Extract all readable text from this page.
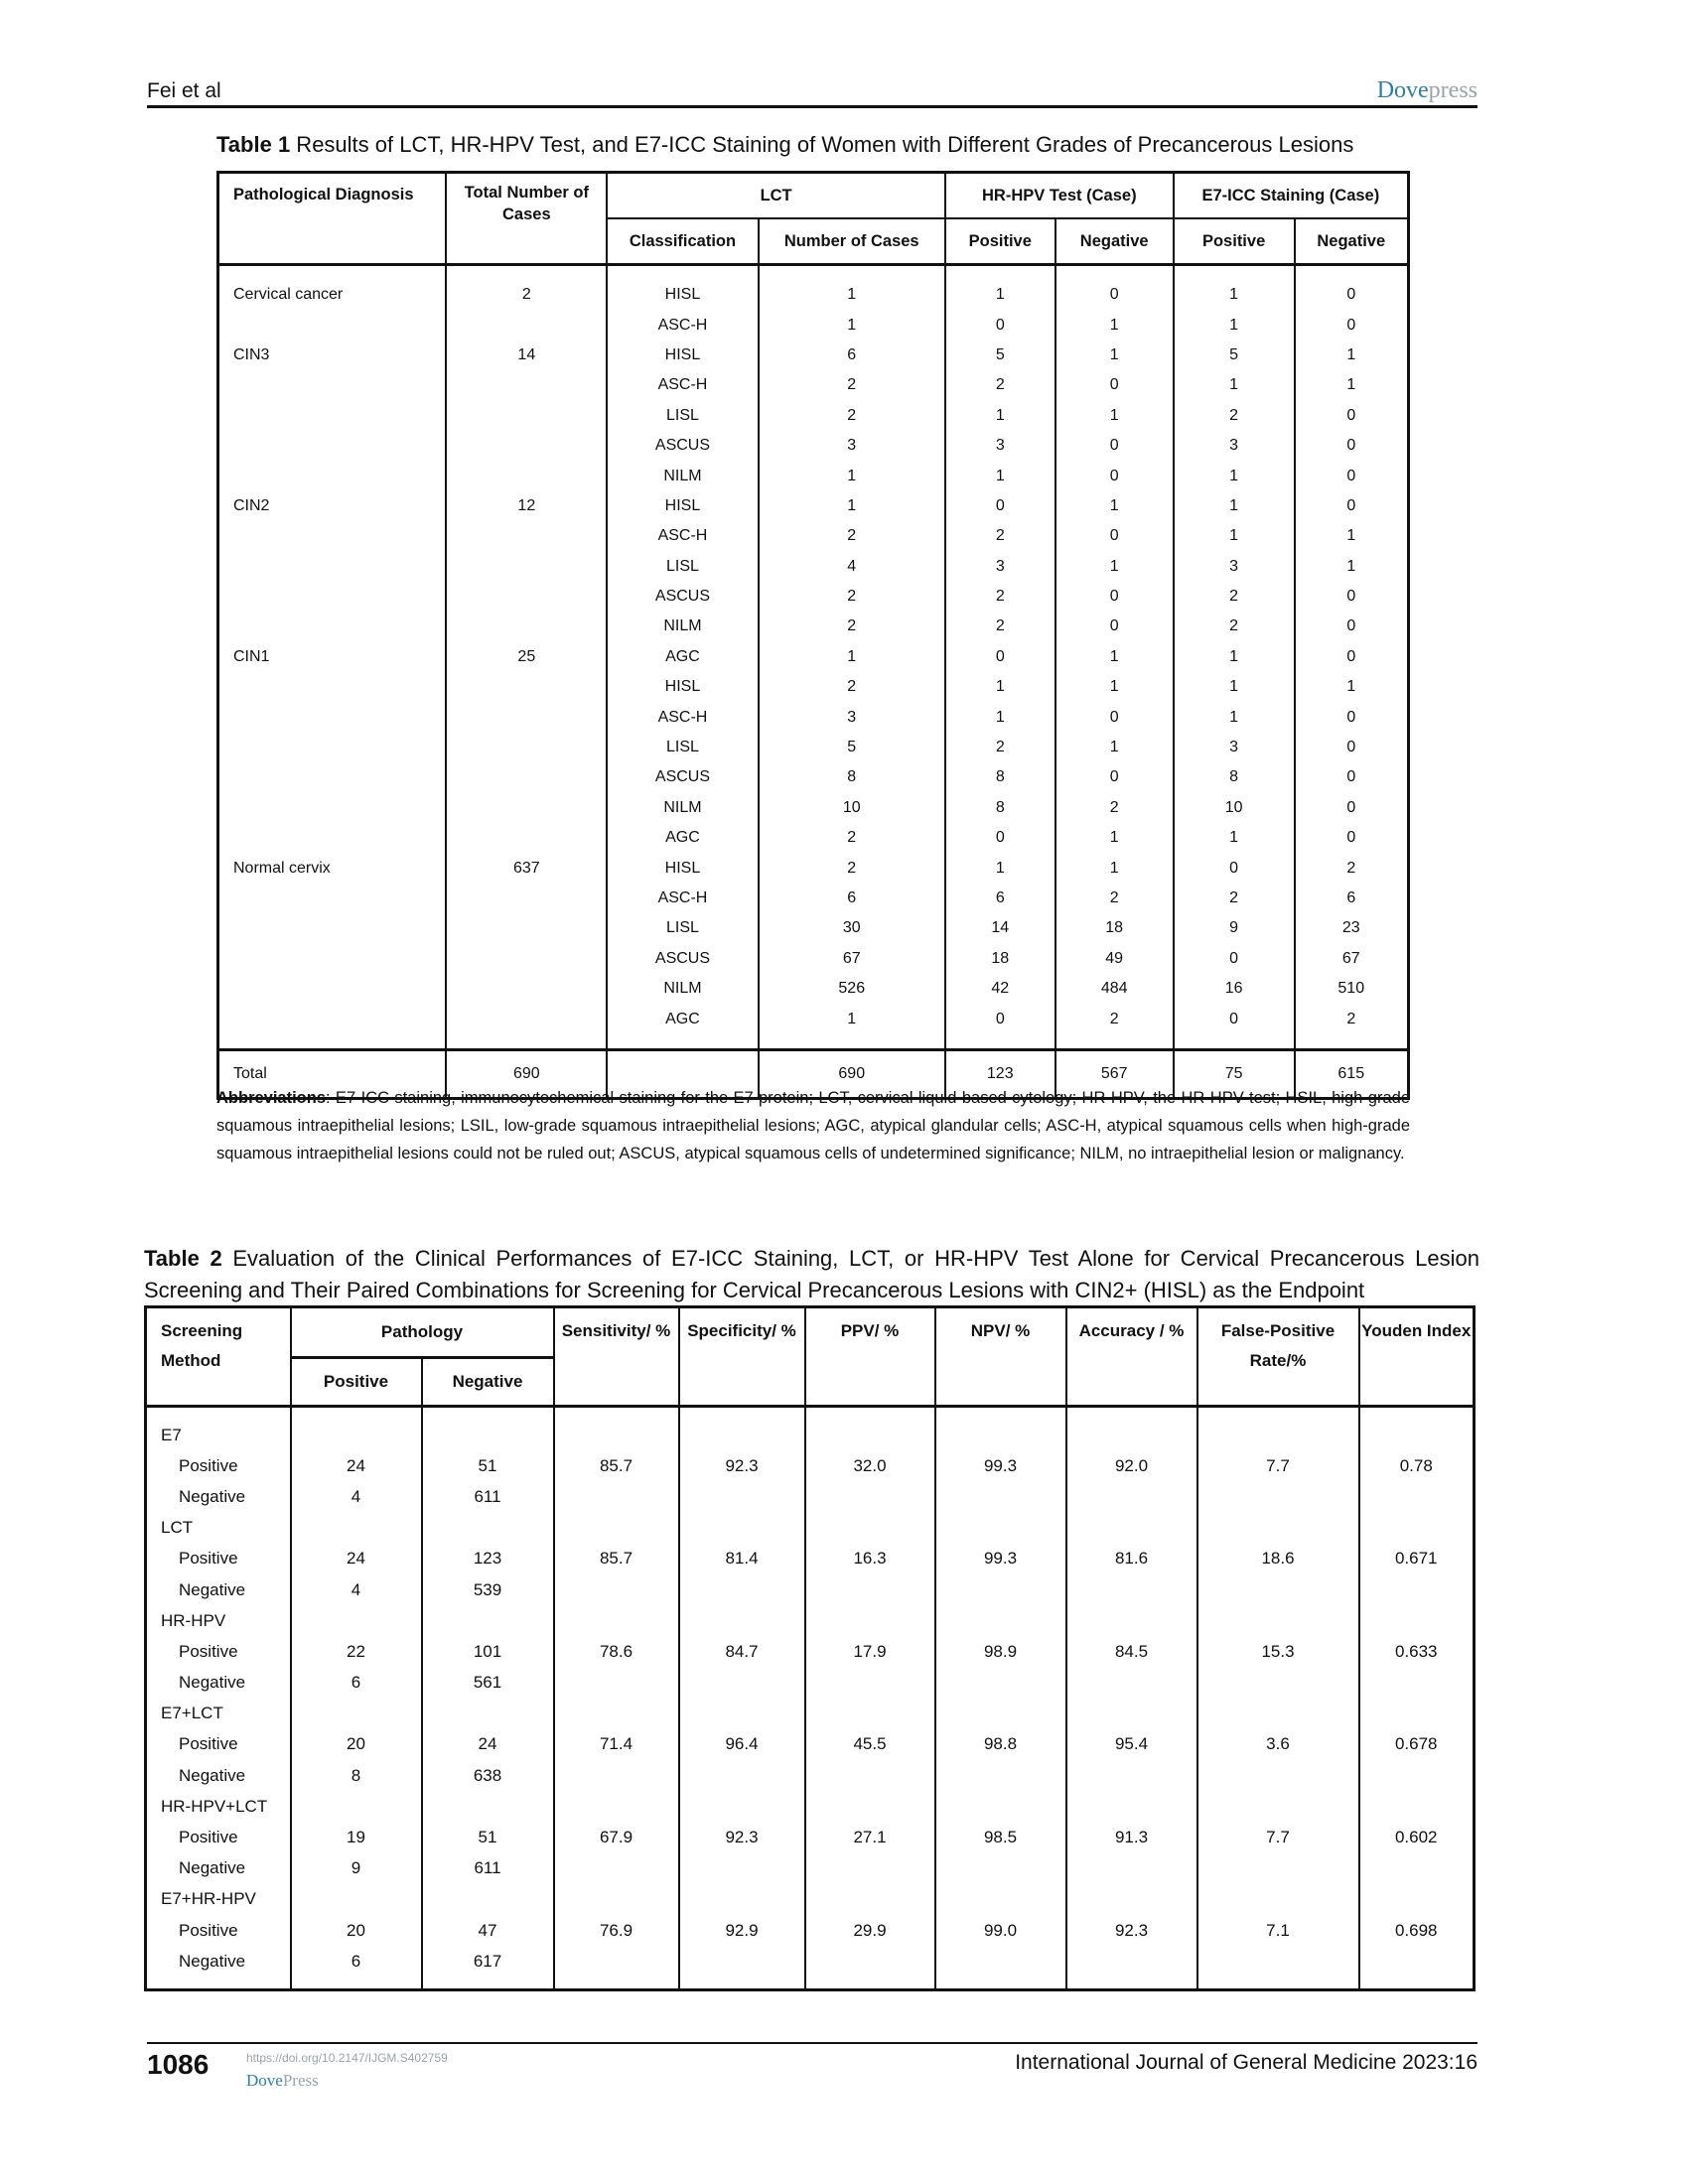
Fei et al	Dovepress
Table 1 Results of LCT, HR-HPV Test, and E7-ICC Staining of Women with Different Grades of Precancerous Lesions
Pathological Diagnosis	Total Number of Cases	LCT		HR-HPV Test (Case)		E7-ICC Staining (Case)	
		Classification	Number of Cases	Positive	Negative	Positive	Negative
Cervical cancer	2	HISL	1	1	0	1	0
		ASC-H	1	0	1	1	0
CIN3	14	HISL	6	5	1	5	1
		ASC-H	2	2	0	1	1
		LISL	2	1	1	2	0
		ASCUS	3	3	0	3	0
		NILM	1	1	0	1	0
CIN2	12	HISL	1	0	1	1	0
		ASC-H	2	2	0	1	1
		LISL	4	3	1	3	1
		ASCUS	2	2	0	2	0
		NILM	2	2	0	2	0
CIN1	25	AGC	1	0	1	1	0
		HISL	2	1	1	1	1
		ASC-H	3	1	0	1	0
		LISL	5	2	1	3	0
		ASCUS	8	8	0	8	0
		NILM	10	8	2	10	0
		AGC	2	0	1	1	0
Normal cervix	637	HISL	2	1	1	0	2
		ASC-H	6	6	2	2	6
		LISL	30	14	18	9	23
		ASCUS	67	18	49	0	67
		NILM	526	42	484	16	510
		AGC	1	0	2	0	2
Total	690		690	123	567	75	615
Abbreviations: E7-ICC staining, immunocytochemical staining for the E7 protein; LCT, cervical liquid-based cytology; HR-HPV, the HR-HPV test; HSIL, high-grade squamous intraepithelial lesions; LSIL, low-grade squamous intraepithelial lesions; AGC, atypical glandular cells; ASC-H, atypical squamous cells when high-grade squamous intraepithelial lesions could not be ruled out; ASCUS, atypical squamous cells of undetermined significance; NILM, no intraepithelial lesion or malignancy.
Table 2 Evaluation of the Clinical Performances of E7-ICC Staining, LCT, or HR-HPV Test Alone for Cervical Precancerous Lesion Screening and Their Paired Combinations for Screening for Cervical Precancerous Lesions with CIN2+ (HISL) as the Endpoint
Screening Method	Pathology		Sensitivity/ %	Specificity/ %	PPV/ %	NPV/ %	Accuracy / %	False-Positive Rate/%	Youden Index
	Positive	Negative							
E7									
Positive	24	51	85.7	92.3	32.0	99.3	92.0	7.7	0.78
Negative	4	611							
LCT									
Positive	24	123	85.7	81.4	16.3	99.3	81.6	18.6	0.671
Negative	4	539							
HR-HPV									
Positive	22	101	78.6	84.7	17.9	98.9	84.5	15.3	0.633
Negative	6	561							
E7+LCT									
Positive	20	24	71.4	96.4	45.5	98.8	95.4	3.6	0.678
Negative	8	638							
HR-HPV+LCT									
Positive	19	51	67.9	92.3	27.1	98.5	91.3	7.7	0.602
Negative	9	611							
E7+HR-HPV									
Positive	20	47	76.9	92.9	29.9	99.0	92.3	7.1	0.698
Negative	6	617							
1086	https://doi.org/10.2147/IJGM.S402759
DovePress
International Journal of General Medicine 2023:16
